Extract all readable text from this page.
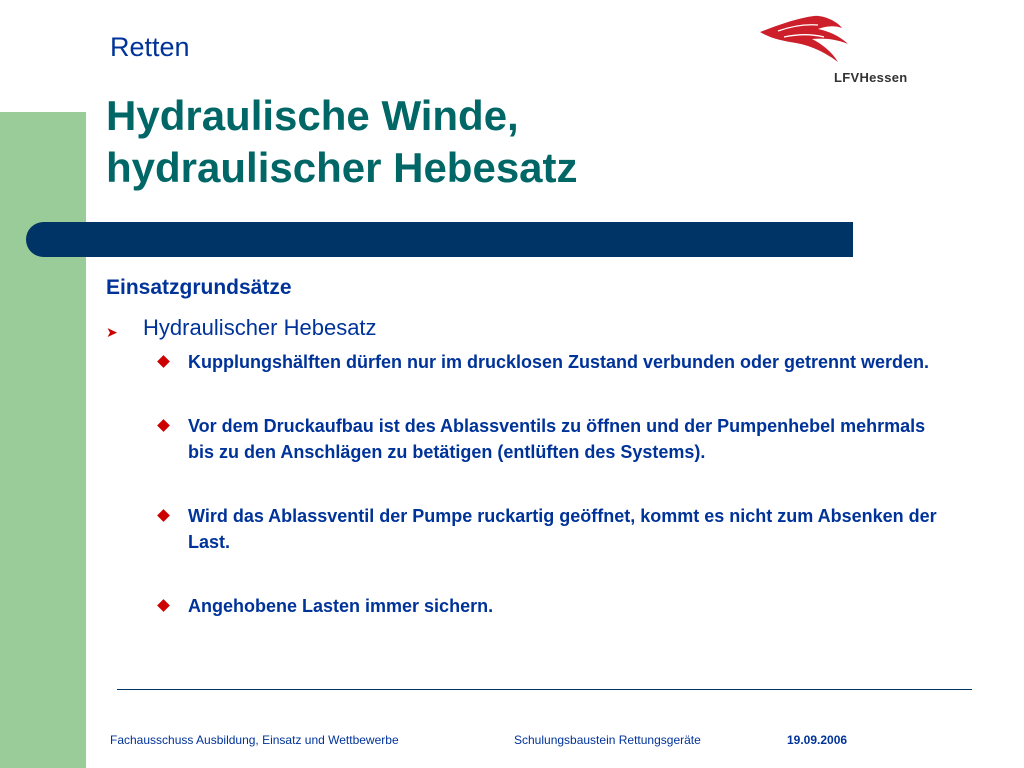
Retten
Hydraulische Winde,
hydraulischer Hebesatz
LFVHessen
Einsatzgrundsätze
➤ Hydraulischer Hebesatz
Kupplungshälften dürfen nur im drucklosen Zustand verbunden oder getrennt werden.
Vor dem Druckaufbau ist des Ablassventils zu öffnen und der Pumpenhebel mehrmals bis zu den Anschlägen zu betätigen (entlüften des Systems).
Wird das Ablassventil der Pumpe ruckartig geöffnet, kommt es nicht zum Absenken der Last.
Angehobene Lasten immer sichern.
Fachausschuss Ausbildung, Einsatz und Wettbewerbe	Schulungsbaustein Rettungsgeräte	19.09.2006
